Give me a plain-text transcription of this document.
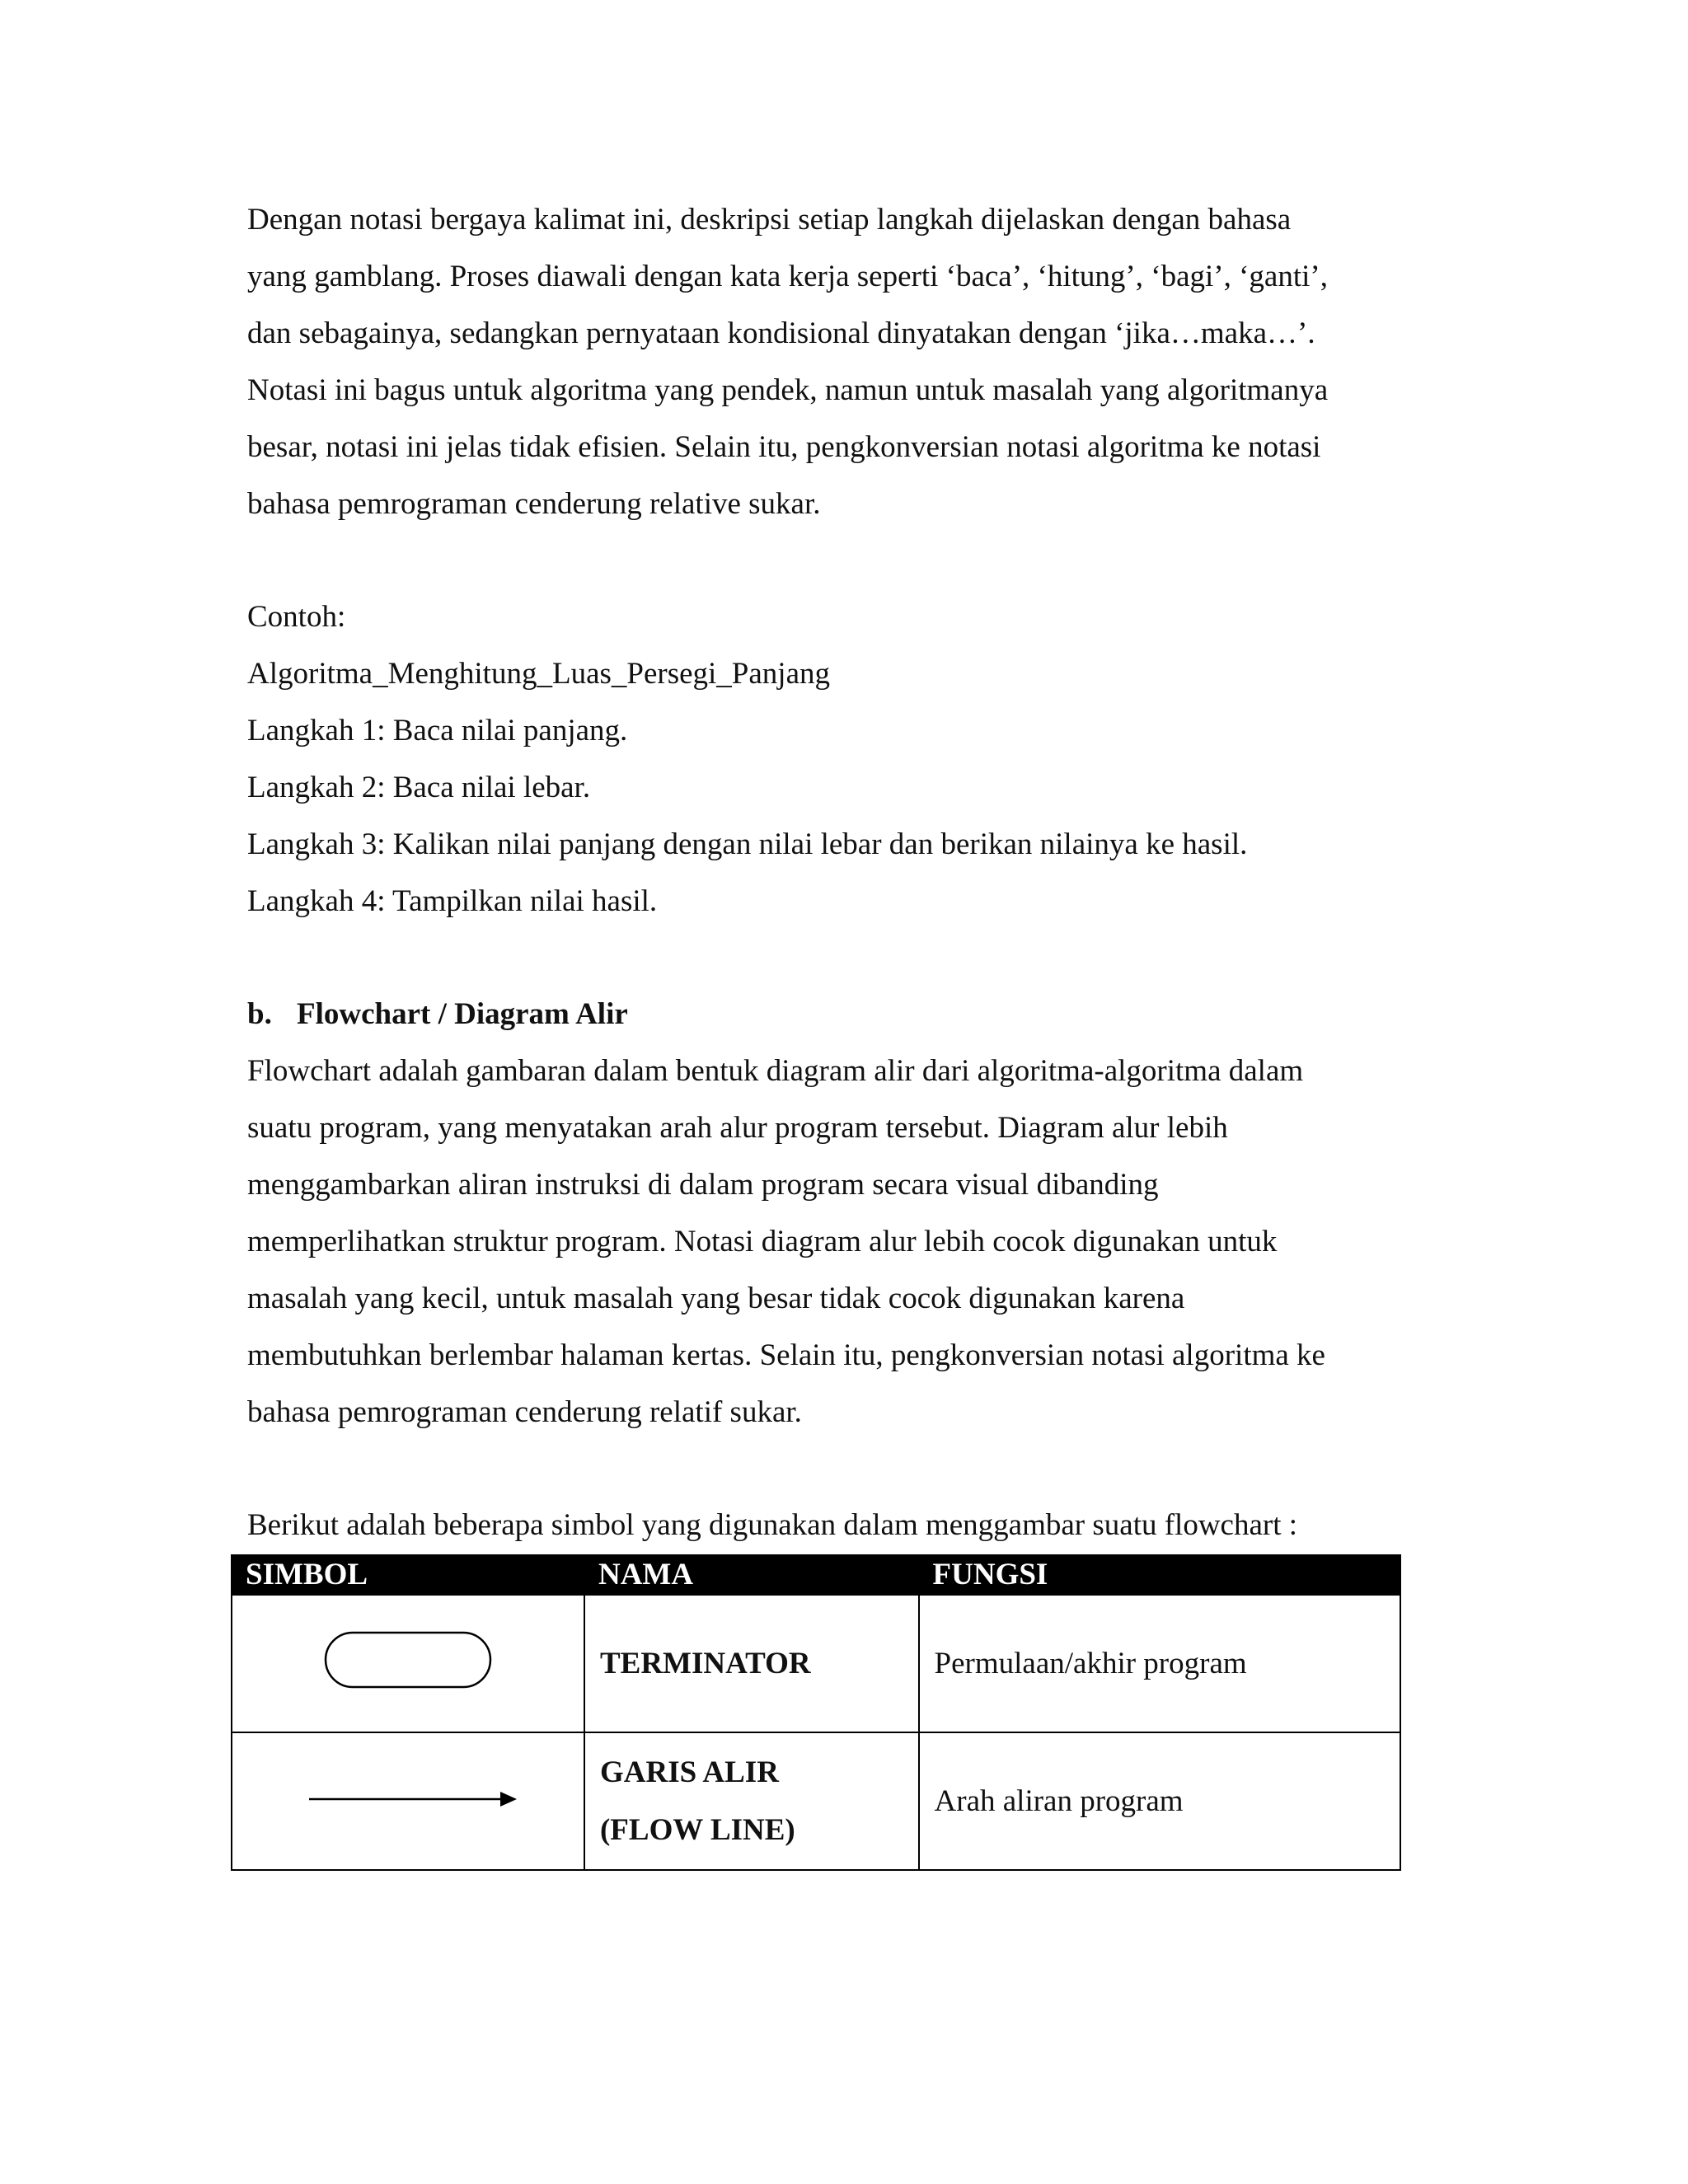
Dengan notasi bergaya kalimat ini, deskripsi setiap langkah dijelaskan dengan bahasa

yang gamblang. Proses diawali dengan kata kerja seperti ‘baca’, ‘hitung’, ‘bagi’, ‘ganti’,

dan sebagainya, sedangkan pernyataan kondisional dinyatakan dengan ‘jika…maka…’.

Notasi ini bagus untuk algoritma yang pendek, namun untuk masalah yang algoritmanya

besar, notasi ini jelas tidak efisien. Selain itu, pengkonversian notasi algoritma ke notasi

bahasa pemrograman cenderung relative sukar.

Contoh:

Algoritma_Menghitung_Luas_Persegi_Panjang

Langkah 1: Baca nilai panjang.

Langkah 2: Baca nilai lebar.

Langkah 3: Kalikan nilai panjang dengan nilai lebar dan berikan nilainya ke hasil.

Langkah 4: Tampilkan nilai hasil.

b. Flowchart / Diagram Alir

Flowchart adalah gambaran dalam bentuk diagram alir dari algoritma-algoritma dalam

suatu program, yang menyatakan arah alur program tersebut. Diagram alur lebih

menggambarkan aliran instruksi di dalam program secara visual dibanding

memperlihatkan struktur program. Notasi diagram alur lebih cocok digunakan untuk

masalah yang kecil, untuk masalah yang besar tidak cocok digunakan karena

membutuhkan berlembar halaman kertas. Selain itu, pengkonversian notasi algoritma ke

bahasa pemrograman cenderung relatif sukar.

Berikut adalah beberapa simbol yang digunakan dalam menggambar suatu flowchart :

SIMBOL	NAMA	FUNGSI

TERMINATOR	Permulaan/akhir program

GARIS ALIR
(FLOW LINE)	Arah aliran program
